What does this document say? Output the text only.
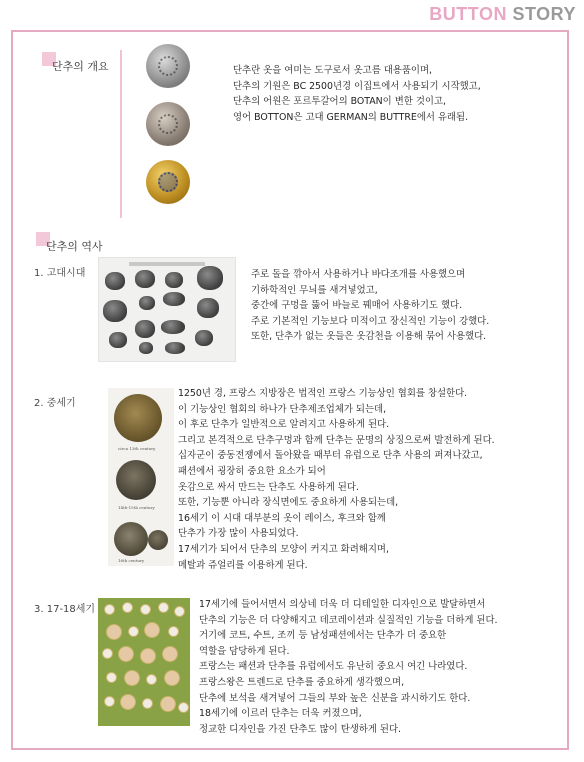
BUTTON STORY
단추의 개요	단추란 옷을 여미는 도구로서 옷고름 대용품이며,
단추의 기원은 BC 2500년경 이집트에서 사용되기 시작했고,
단추의 어원은 포르투갈어의 BOTAN이 변한 것이고,
영어 BOTTON은 고대 GERMAN의 BUTTRE에서 유래됨.
단추의 역사
1. 고대시대	주로 돌을 깎아서 사용하거나 바다조개를 사용했으며
기하학적인 무늬를 새겨넣었고,
중간에 구멍을 뚫어 바늘로 꿰매어 사용하기도 했다.
주로 기본적인 기능보다 미적이고 장신적인 기능이 강했다.
또한, 단추가 없는 옷들은 옷감천을 이용해 묶어 사용했다.
2. 중세기
circa 13th century
14th-15th century
16th century
1250년 경, 프랑스 지방장은 법적인 프랑스 기능상인 협회를 창설한다.
이 기능상인 협회의 하나가 단추제조업체가 되는데,
이 후로 단추가 일반적으로 알려지고 사용하게 된다.
그리고 본격적으로 단추구멍과 함께 단추는 문명의 상징으로써 발전하게 된다.
십자군이 중동전쟁에서 돌아왔을 때부터 유럽으로 단추 사용의 퍼져나갔고,
패션에서 굉장히 중요한 요소가 되어
옷감으로 싸서 만드는 단추도 사용하게 된다.
또한, 기능뿐 아니라 장식면에도 중요하게 사용되는데,
16세기 이 시대 대부분의 옷이 레이스, 후크와 함께
단추가 가장 많이 사용되었다.
17세기가 되어서 단추의 모양이 커지고 화려해지며,
메탈과 쥬얼리를 이용하게 된다.
3. 17-18세기	17세기에 들어서면서 의상네 더욱 더 디테일한 디자인으로 발달하면서
단추의 기능은 더 다양해지고 데코레이션과 실질적인 기능을 더하게 된다.
거기에 코트, 수트, 조끼 등 남성패션에서는 단추가 더 중요한
역할을 담당하게 된다.
프랑스는 패션과 단추를 유럽에서도 유난히 중요시 여긴 나라였다.
프랑스왕은 트렌드로 단추를 중요하게 생각했으며,
단추에 보석을 새겨넣어 그들의 부와 높은 신분을 과시하기도 한다.
18세기에 이르러 단추는 더욱 커졌으며,
정교한 디자인을 가진 단추도 많이 탄생하게 된다.
